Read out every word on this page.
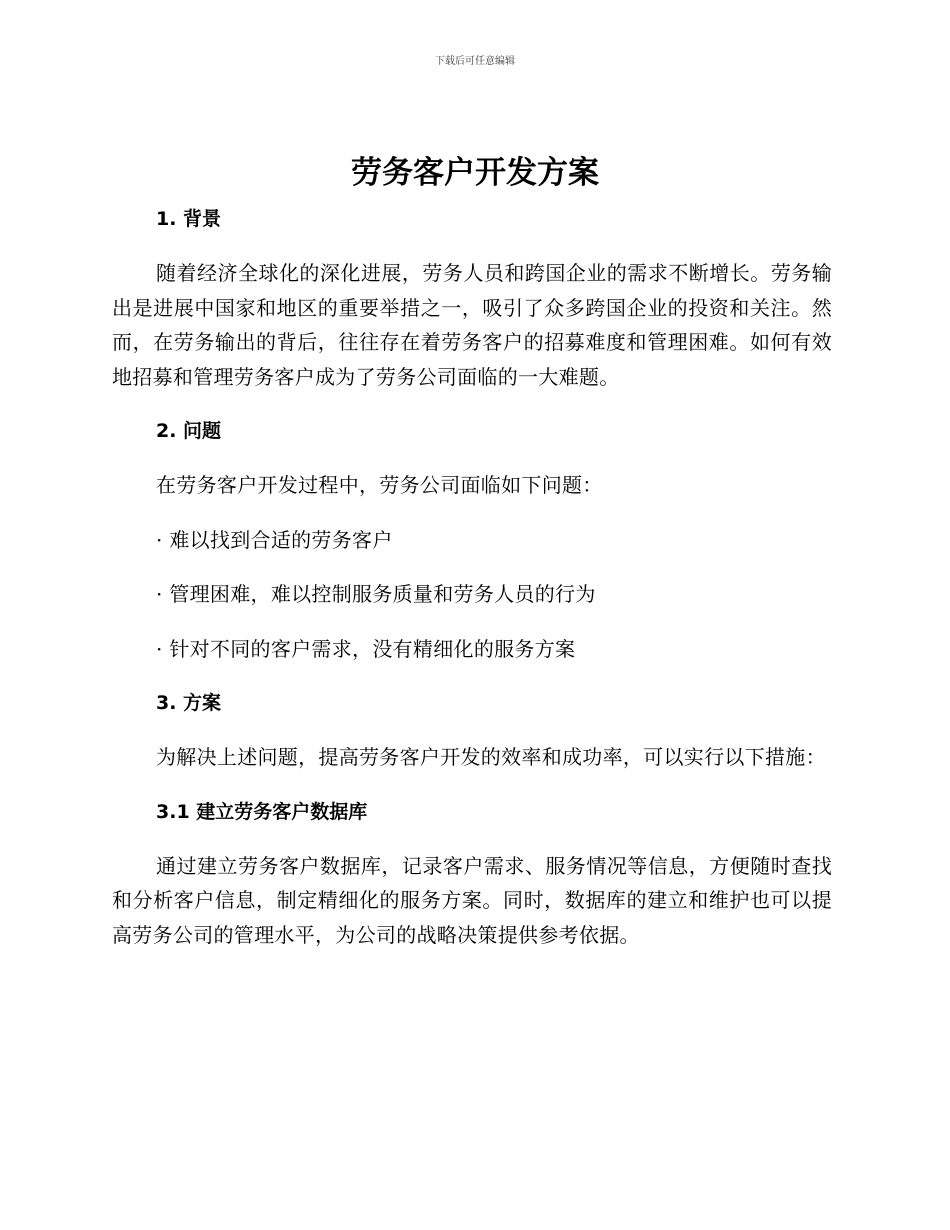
下载后可任意编辑
劳务客户开发方案
1. 背景

随着经济全球化的深化进展，劳务人员和跨国企业的需求不断增长。劳务输出是进展中国家和地区的重要举措之一，吸引了众多跨国企业的投资和关注。然而，在劳务输出的背后，往往存在着劳务客户的招募难度和管理困难。如何有效地招募和管理劳务客户成为了劳务公司面临的一大难题。

2. 问题

在劳务客户开发过程中，劳务公司面临如下问题：

· 难以找到合适的劳务客户

· 管理困难，难以控制服务质量和劳务人员的行为

· 针对不同的客户需求，没有精细化的服务方案

3. 方案

为解决上述问题，提高劳务客户开发的效率和成功率，可以实行以下措施：

3.1 建立劳务客户数据库

通过建立劳务客户数据库，记录客户需求、服务情况等信息，方便随时查找和分析客户信息，制定精细化的服务方案。同时，数据库的建立和维护也可以提高劳务公司的管理水平，为公司的战略决策提供参考依据。
